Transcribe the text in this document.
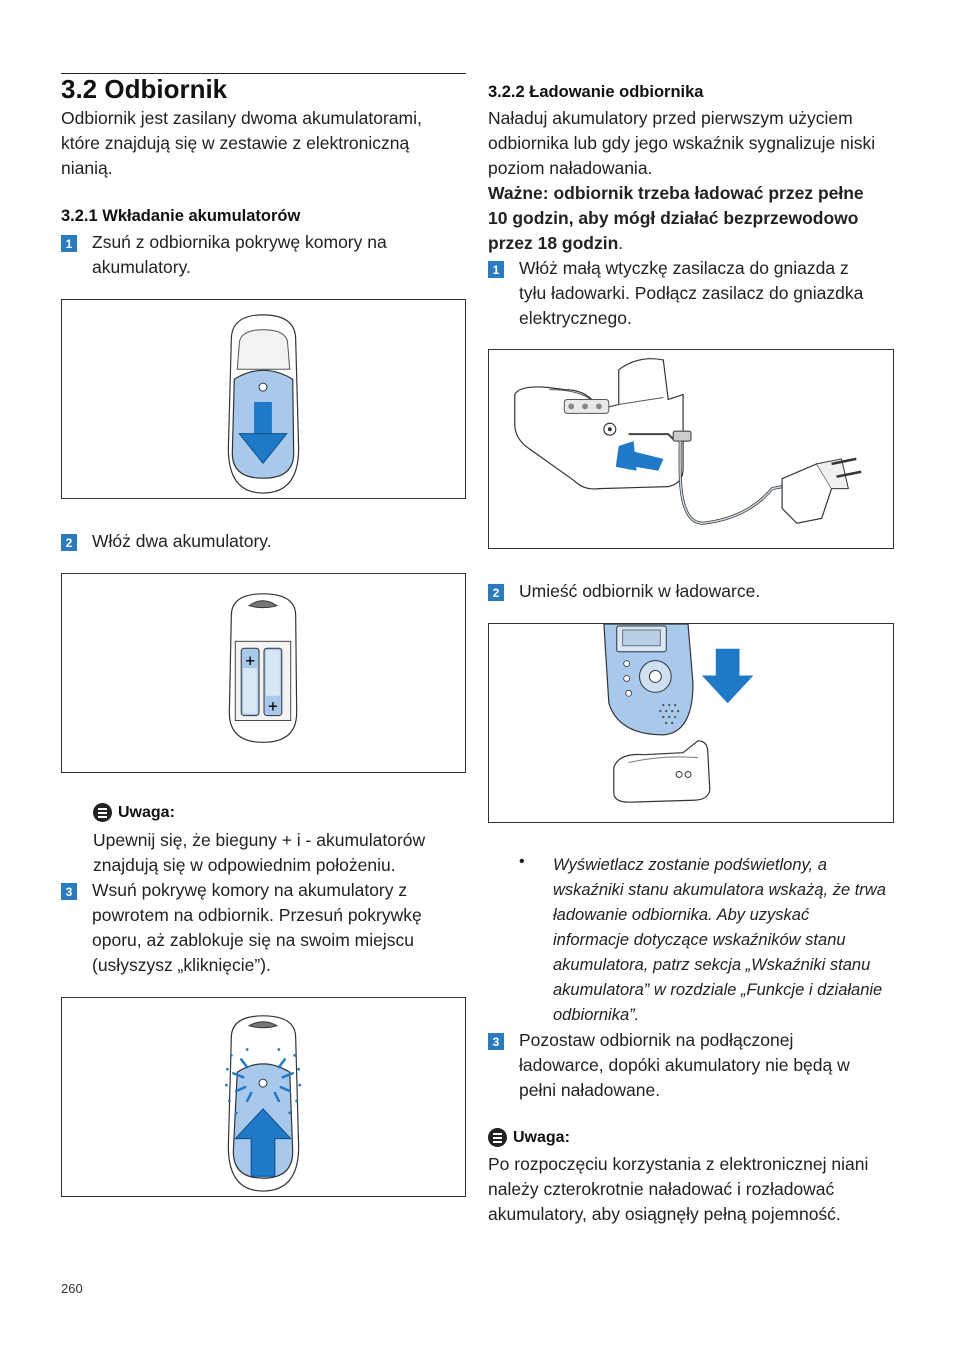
3.2 Odbiornik

Odbiornik jest zasilany dwoma akumulatorami, które znajdują się w zestawie z elektroniczną nianią.

3.2.1 Wkładanie akumulatorów

1 Zsuń z odbiornika pokrywę komory na akumulatory.

2 Włóż dwa akumulatory.

+
+
Uwaga:

Upewnij się, że bieguny + i - akumulatorów znajdują się w odpowiednim położeniu.

3 Wsuń pokrywę komory na akumulatory z powrotem na odbiornik. Przesuń pokrywkę oporu, aż zablokuje się na swoim miejscu (usłyszysz „kliknięcie”).

260

3.2.2 Ładowanie odbiornika

Naładuj akumulatory przed pierwszym użyciem odbiornika lub gdy jego wskaźnik sygnalizuje niski poziom naładowania.

Ważne: odbiornik trzeba ładować przez pełne 10 godzin, aby mógł działać bezprzewodowo przez 18 godzin.

1 Włóż małą wtyczkę zasilacza do gniazda z tyłu ładowarki. Podłącz zasilacz do gniazdka elektrycznego.

2 Umieść odbiornik w ładowarce.

• Wyświetlacz zostanie podświetlony, a wskaźniki stanu akumulatora wskażą, że trwa ładowanie odbiornika. Aby uzyskać informacje dotyczące wskaźników stanu akumulatora, patrz sekcja „Wskaźniki stanu akumulatora” w rozdziale „Funkcje i działanie odbiornika”.

3 Pozostaw odbiornik na podłączonej ładowarce, dopóki akumulatory nie będą w pełni naładowane.

Uwaga:

Po rozpoczęciu korzystania z elektronicznej niani należy czterokrotnie naładować i rozładować akumulatory, aby osiągnęły pełną pojemność.
